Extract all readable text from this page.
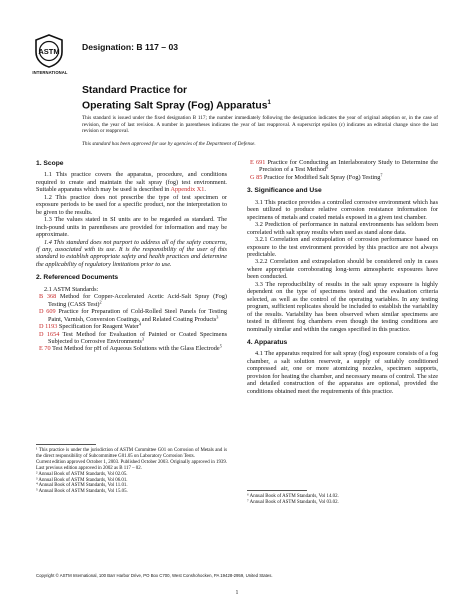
ASTM
INTERNATIONAL
Designation: B 117 – 03
Standard Practice for
Operating Salt Spray (Fog) Apparatus$^1$
This standard is issued under the fixed designation B 117; the number immediately following the designation indicates the year of original adoption or, in the case of revision, the year of last revision. A number in parentheses indicates the year of last reapproval. A superscript epsilon (ε) indicates an editorial change since the last revision or reapproval.
This standard has been approved for use by agencies of the Department of Defense.

1. Scope

1.1 This practice covers the apparatus, procedure, and conditions required to create and maintain the salt spray (fog) test environment. Suitable apparatus which may be used is described in Appendix X1.

1.2 This practice does not prescribe the type of test specimen or exposure periods to be used for a specific product, nor the interpretation to be given to the results.

1.3 The values stated in SI units are to be regarded as standard. The inch-pound units in parentheses are provided for information and may be approximate.

1.4 This standard does not purport to address all of the safety concerns, if any, associated with its use. It is the responsibility of the user of this standard to establish appropriate safety and health practices and determine the applicability of regulatory limitations prior to use.

2. Referenced Documents

2.1 ASTM Standards:

B 368 Method for Copper-Accelerated Acetic Acid-Salt Spray (Fog) Testing (CASS Test)$^2$

D 609 Practice for Preparation of Cold-Rolled Steel Panels for Testing Paint, Varnish, Conversion Coatings, and Related Coating Products$^3$

D 1193 Specification for Reagent Water$^4$

D 1654 Test Method for Evaluation of Painted or Coated Specimens Subjected to Corrosive Environments$^3$

E 70 Test Method for pH of Aqueous Solutions with the Glass Electrode$^5$

E 691 Practice for Conducting an Interlaboratory Study to Determine the Precision of a Test Method$^6$

G 85 Practice for Modified Salt Spray (Fog) Testing$^7$

3. Significance and Use

3.1 This practice provides a controlled corrosive environment which has been utilized to produce relative corrosion resistance information for specimens of metals and coated metals exposed in a given test chamber.

3.2 Prediction of performance in natural environments has seldom been correlated with salt spray results when used as stand alone data.

3.2.1 Correlation and extrapolation of corrosion performance based on exposure to the test environment provided by this practice are not always predictable.

3.2.2 Correlation and extrapolation should be considered only in cases where appropriate corroborating long-term atmospheric exposures have been conducted.

3.3 The reproducibility of results in the salt spray exposure is highly dependent on the type of specimens tested and the evaluation criteria selected, as well as the control of the operating variables. In any testing program, sufficient replicates should be included to establish the variability of the results. Variability has been observed when similar specimens are tested in different fog chambers even though the testing conditions are nominally similar and within the ranges specified in this practice.

4. Apparatus

4.1 The apparatus required for salt spray (fog) exposure consists of a fog chamber, a salt solution reservoir, a supply of suitably conditioned compressed air, one or more atomizing nozzles, specimen supports, provision for heating the chamber, and necessary means of control. The size and detailed construction of the apparatus are optional, provided the conditions obtained meet the requirements of this practice.

¹ This practice is under the jurisdiction of ASTM Committee G01 on Corrosion of Metals and is the direct responsibility of Subcommittee G01.05 on Laboratory Corrosion Tests.

Current edition approved October 1, 2003. Published October 2003. Originally approved in 1939. Last previous edition approved in 2002 as B 117 – 02.

² Annual Book of ASTM Standards, Vol 02.05.

³ Annual Book of ASTM Standards, Vol 06.01.

⁴ Annual Book of ASTM Standards, Vol 11.01.

⁵ Annual Book of ASTM Standards, Vol 15.05.

⁶ Annual Book of ASTM Standards, Vol 14.02.

⁷ Annual Book of ASTM Standards, Vol 03.02.

Copyright © ASTM International, 100 Barr Harbor Drive, PO Box C700, West Conshohocken, PA 19428-2959, United States.
1
